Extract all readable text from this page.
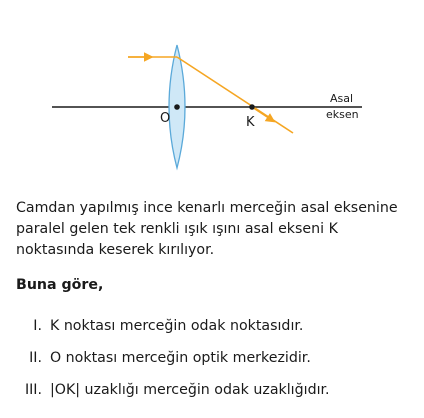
O	K
Asal
eksen

Camdan yapılmış ince kenarlı merceğin asal eksenine paralel gelen tek renkli ışık ışını asal ekseni K noktasında keserek kırılıyor.

Buna göre,

I. K noktası merceğin odak noktasıdır.

II. O noktası merceğin optik merkezidir.

III. |OK| uzaklığı merceğin odak uzaklığıdır.
